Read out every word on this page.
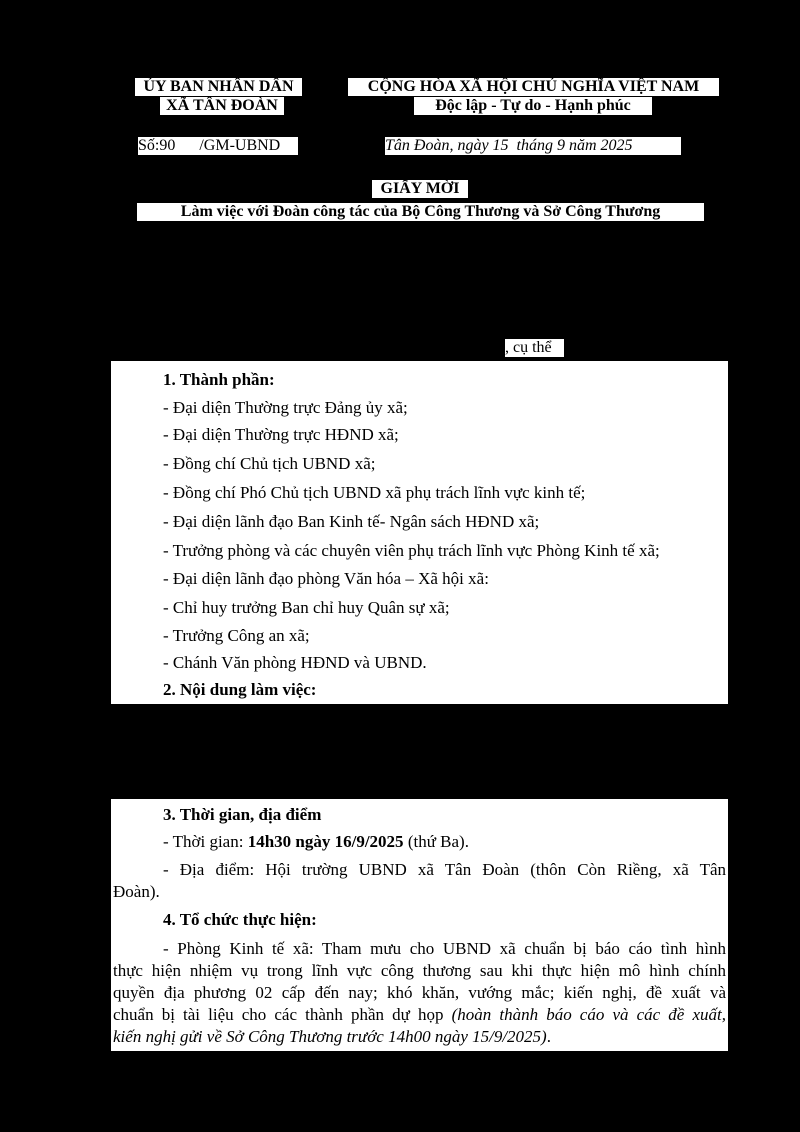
ỦY BAN NHÂN DÂN
XÃ TÂN ĐOÀN
CỘNG HÒA XÃ HỘI CHỦ NGHĨA VIỆT NAM
Độc lập - Tự do - Hạnh phúc
Số:90      /GM-UBND	Tân Đoàn, ngày 15  tháng 9 năm 2025
GIẤY MỜI
Làm việc với Đoàn công tác của Bộ Công Thương và Sở Công Thương
, cụ thể
1. Thành phần:
- Đại diện Thường trực Đảng ủy xã;
- Đại diện Thường trực HĐND xã;
- Đồng chí Chủ tịch UBND xã;
- Đồng chí Phó Chủ tịch UBND xã phụ trách lĩnh vực kinh tế;
- Đại diện lãnh đạo Ban Kinh tế- Ngân sách HĐND xã;
- Trưởng phòng và các chuyên viên phụ trách lĩnh vực Phòng Kinh tế xã;
- Đại diện lãnh đạo phòng Văn hóa – Xã hội xã:
- Chỉ huy trưởng Ban chỉ huy Quân sự xã;
- Trưởng Công an xã;
- Chánh Văn phòng HĐND và UBND.
2. Nội dung làm việc:
3. Thời gian, địa điểm
- Thời gian: 14h30 ngày 16/9/2025 (thứ Ba).
- Địa điểm: Hội trường UBND xã Tân Đoàn (thôn Còn Riềng, xã Tân
Đoàn).
4. Tổ chức thực hiện:
- Phòng Kinh tế xã: Tham mưu cho UBND xã chuẩn bị báo cáo tình hình
thực hiện nhiệm vụ trong lĩnh vực công thương sau khi thực hiện mô hình chính
quyền địa phương 02 cấp đến nay; khó khăn, vướng mắc; kiến nghị, đề xuất và
chuẩn bị tài liệu cho các thành phần dự họp (hoàn thành báo cáo và các đề xuất,
kiến nghị gửi về Sở Công Thương trước 14h00 ngày 15/9/2025).
